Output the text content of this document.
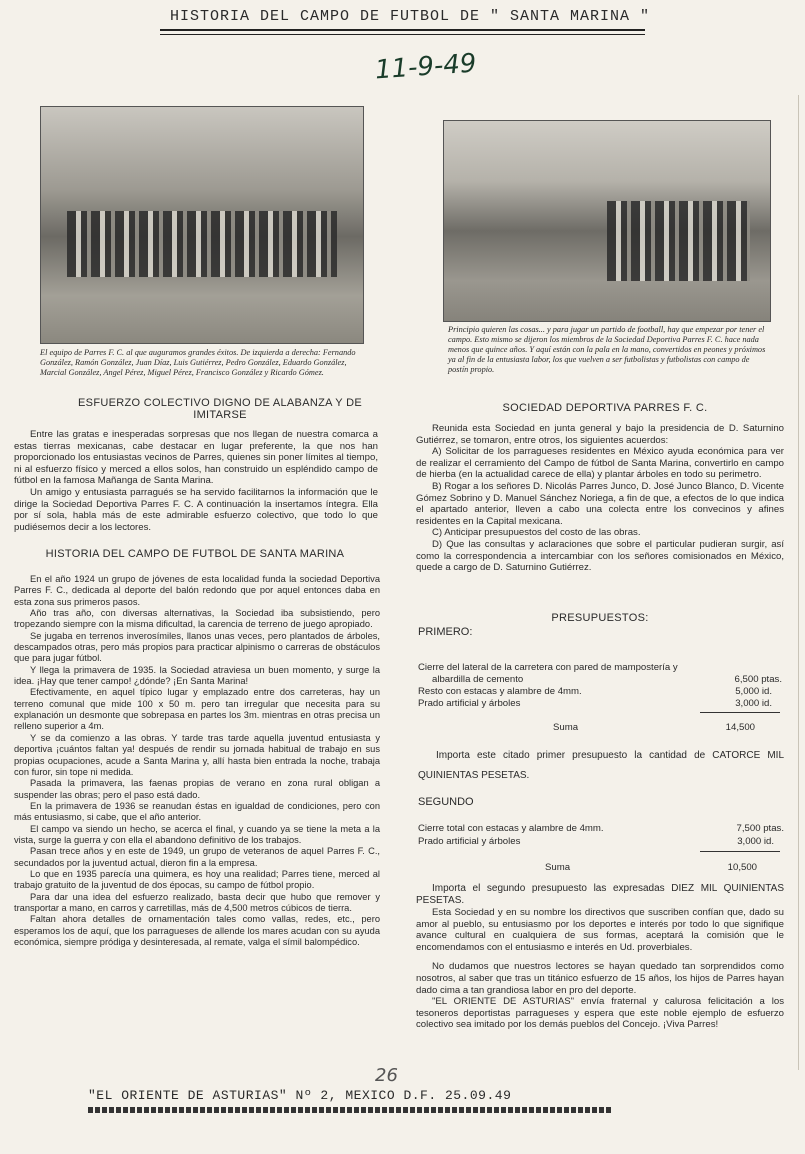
HISTORIA DEL CAMPO DE FUTBOL DE " SANTA MARINA "
11-9-49
El equipo de Parres F. C. al que auguramos grandes éxitos. De izquierda a derecha: Fernando González, Ramón González, Juan Díaz, Luis Gutiérrez, Pedro González, Eduardo González, Marcial González, Angel Pérez, Miguel Pérez, Francisco González y Ricardo Gómez.
ESFUERZO COLECTIVO DIGNO DE ALABANZA Y DE IMITARSE

Entre las gratas e inesperadas sorpresas que nos llegan de nuestra comarca a estas tierras mexicanas, cabe destacar en lugar preferente, la que nos han proporcionado los entusiastas vecinos de Parres, quienes sin poner límites al tiempo, ni al esfuerzo físico y merced a ellos solos, han construido un espléndido campo de fútbol en la famosa Mañanga de Santa Marina.

Un amigo y entusiasta parragués se ha servido facilitarnos la información que le dirige la Sociedad Deportiva Parres F. C. A continuación la insertamos íntegra. Ella por sí sola, habla más de este admirable esfuerzo colectivo, que todo lo que pudiésemos decir a los lectores.

HISTORIA DEL CAMPO DE FUTBOL DE SANTA MARINA

En el año 1924 un grupo de jóvenes de esta localidad funda la sociedad Deportiva Parres F. C., dedicada al deporte del balón redondo que por aquel entonces daba en esta zona sus primeros pasos.

Año tras año, con diversas alternativas, la Sociedad iba subsistiendo, pero tropezando siempre con la misma dificultad, la carencia de terreno de juego apropiado.

Se jugaba en terrenos inverosímiles, llanos unas veces, pero plantados de árboles, descampados otras, pero más propios para practicar alpinismo o carreras de obstáculos que para jugar fútbol.

Y llega la primavera de 1935. la Sociedad atraviesa un buen momento, y surge la idea. ¡Hay que tener campo! ¿dónde? ¡En Santa Marina!

Efectivamente, en aquel típico lugar y emplazado entre dos carreteras, hay un terreno comunal que mide 100 x 50 m. pero tan irregular que necesita para su explanación un desmonte que sobrepasa en partes los 3m. mientras en otras precisa un relleno superior a 4m.

Y se da comienzo a las obras. Y tarde tras tarde aquella juventud entusiasta y deportiva ¡cuántos faltan ya! después de rendir su jornada habitual de trabajo en sus propias ocupaciones, acude a Santa Marina y, allí hasta bien entrada la noche, trabaja con furor, sin tope ni medida.

Pasada la primavera, las faenas propias de verano en zona rural obligan a suspender las obras; pero el paso está dado.

En la primavera de 1936 se reanudan éstas en igualdad de condiciones, pero con más entusiasmo, si cabe, que el año anterior.

El campo va siendo un hecho, se acerca el final, y cuando ya se tiene la meta a la vista, surge la guerra y con ella el abandono definitivo de los trabajos.

Pasan trece años y en este de 1949, un grupo de veteranos de aquel Parres F. C., secundados por la juventud actual, dieron fin a la empresa.

Lo que en 1935 parecía una quimera, es hoy una realidad; Parres tiene, merced al trabajo gratuito de la juventud de dos épocas, su campo de fútbol propio.

Para dar una idea del esfuerzo realizado, basta decir que hubo que remover y transportar a mano, en carros y carretillas, más de 4,500 metros cúbicos de tierra.

Faltan ahora detalles de ornamentación tales como vallas, redes, etc., pero esperamos los de aquí, que los parragueses de allende los mares acudan con su ayuda económica, siempre pródiga y desinteresada, al remate, valga el símil balompédico.

Principio quieren las cosas... y para jugar un partido de football, hay que empezar por tener el campo. Esto mismo se dijeron los miembros de la Sociedad Deportiva Parres F. C. hace nada menos que quince años. Y aquí están con la pala en la mano, convertidos en peones y próximos ya al fin de la entusiasta labor, los que vuelven a ser futbolistas y futbolistas con campo de postín propio.
SOCIEDAD DEPORTIVA PARRES F. C.

Reunida esta Sociedad en junta general y bajo la presidencia de D. Saturnino Gutiérrez, se tomaron, entre otros, los siguientes acuerdos:

A) Solicitar de los parragueses residentes en México ayuda económica para ver de realizar el cerramiento del Campo de fútbol de Santa Marina, convertirlo en campo de hierba (en la actualidad carece de ella) y plantar árboles en todo su perimetro.

B) Rogar a los señores D. Nicolás Parres Junco, D. José Junco Blanco, D. Vicente Gómez Sobrino y D. Manuel Sánchez Noriega, a fin de que, a efectos de lo que indica el apartado anterior, lleven a cabo una colecta entre los convecinos y afines residentes en la Capital mexicana.

C) Anticipar presupuestos del costo de las obras.

D) Que las consultas y aclaraciones que sobre el particular pudieran surgir, así como la correspondencia a intercambiar con los señores comisionados en México, quede a cargo de D. Saturnino Gutiérrez.

PRESUPUESTOS:
PRIMERO:
Cierre del lateral de la carretera con pared de mampostería y
albardilla de cemento	6,500 ptas.
Resto con estacas y alambre de 4mm.	5,000 id.
Prado artificial y árboles	3,000 id.
Suma	14,500
Importa este citado primer presupuesto la cantidad de CATORCE MIL QUINIENTAS PESETAS.
SEGUNDO
Cierre total con estacas y alambre de 4mm.	7,500 ptas.
Prado artificial y árboles	3,000 id.
Suma	10,500

Importa el segundo presupuesto las expresadas DIEZ MIL QUINIENTAS PESETAS.

Esta Sociedad y en su nombre los directivos que suscriben confían que, dado su amor al pueblo, su entusiasmo por los deportes e interés por todo lo que signifique avance cultural en cualquiera de sus formas, aceptará la comisión que le encomendamos con el entusiasmo e interés en Ud. proverbiales.

No dudamos que nuestros lectores se hayan quedado tan sorprendidos como nosotros, al saber que tras un titánico esfuerzo de 15 años, los hijos de Parres hayan dado cima a tan grandiosa labor en pro del deporte.

"EL ORIENTE DE ASTURIAS" envía fraternal y calurosa felicitación a los tesoneros deportistas parragueses y espera que este noble ejemplo de esfuerzo colectivo sea imitado por los demás pueblos del Concejo. ¡Viva Parres!

26
"EL ORIENTE DE ASTURIAS" Nº 2, MEXICO D.F. 25.09.49
